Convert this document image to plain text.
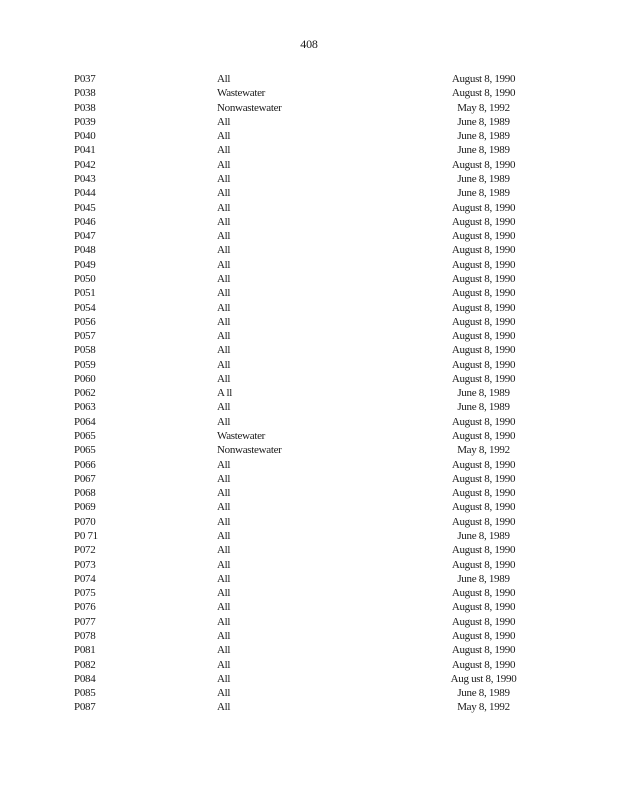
408
P037	All	August 8, 1990
P038	Wastewater	August 8, 1990
P038	Nonwastewater	May 8, 1992
P039	All	June 8, 1989
P040	All	June 8, 1989
P041	All	June 8, 1989
P042	All	August 8, 1990
P043	All	June 8, 1989
P044	All	June 8, 1989
P045	All	August 8, 1990
P046	All	August 8, 1990
P047	All	August 8, 1990
P048	All	August 8, 1990
P049	All	August 8, 1990
P050	All	August 8, 1990
P051	All	August 8, 1990
P054	All	August 8, 1990
P056	All	August 8, 1990
P057	All	August 8, 1990
P058	All	August 8, 1990
P059	All	August 8, 1990
P060	All	August 8, 1990
P062	A ll	June 8, 1989
P063	All	June 8, 1989
P064	All	August 8, 1990
P065	Wastewater	August 8, 1990
P065	Nonwastewater	May 8, 1992
P066	All	August 8, 1990
P067	All	August 8, 1990
P068	All	August 8, 1990
P069	All	August 8, 1990
P070	All	August 8, 1990
P0 71	All	June 8, 1989
P072	All	August 8, 1990
P073	All	August 8, 1990
P074	All	June 8, 1989
P075	All	August 8, 1990
P076	All	August 8, 1990
P077	All	August 8, 1990
P078	All	August 8, 1990
P081	All	August 8, 1990
P082	All	August 8, 1990
P084	All	Aug ust 8, 1990
P085	All	June 8, 1989
P087	All	May 8, 1992
